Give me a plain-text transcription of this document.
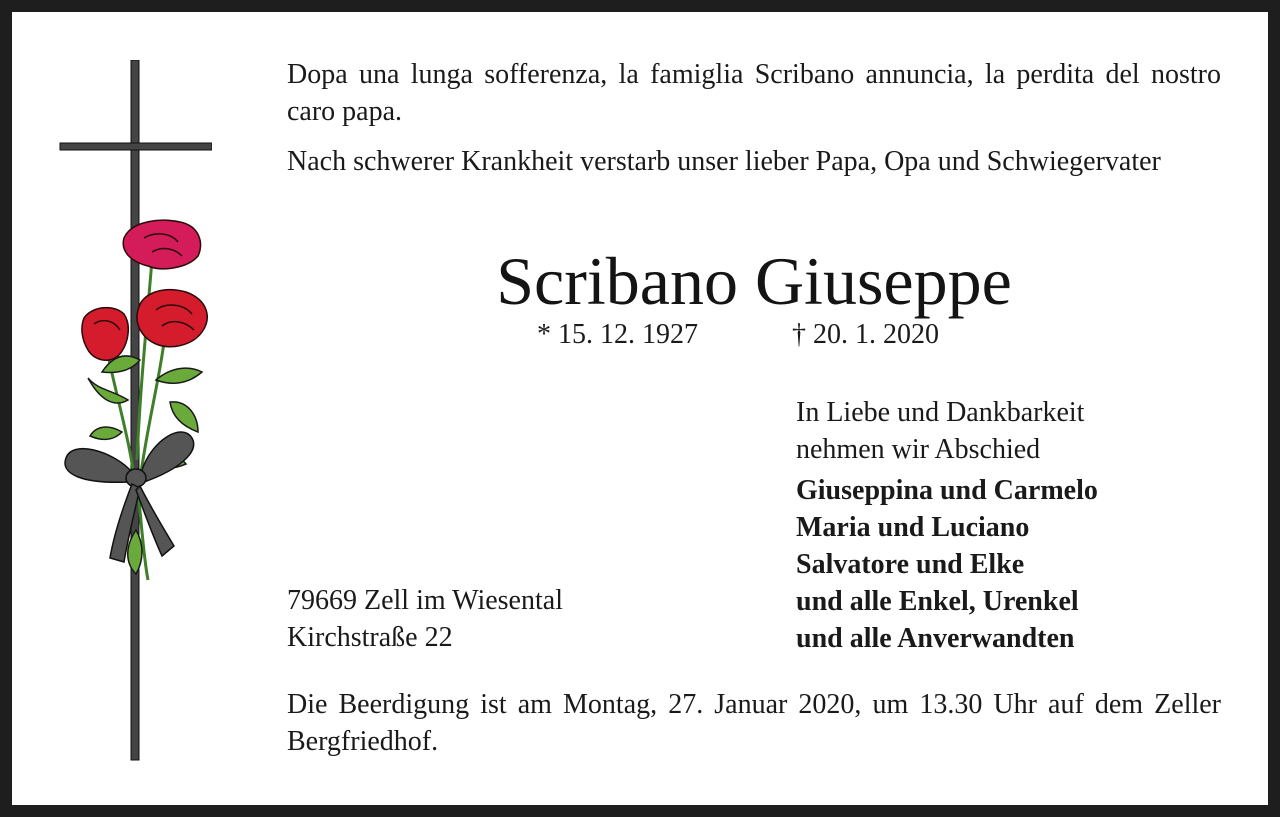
Dopa una lunga sofferenza, la famiglia Scribano annuncia, la perdita del nostro caro papa.
Nach schwerer Krankheit verstarb unser lieber Papa, Opa und Schwiegervater
Scribano Giuseppe
* 15. 12. 1927	† 20. 1. 2020
In Liebe und Dankbarkeit
nehmen wir Abschied
Giuseppina und Carmelo
Maria und Luciano
Salvatore und Elke
und alle Enkel, Urenkel
und alle Anverwandten
79669 Zell im Wiesental
Kirchstraße 22
Die Beerdigung ist am Montag, 27. Januar 2020, um 13.30 Uhr auf dem Zeller Bergfriedhof.
